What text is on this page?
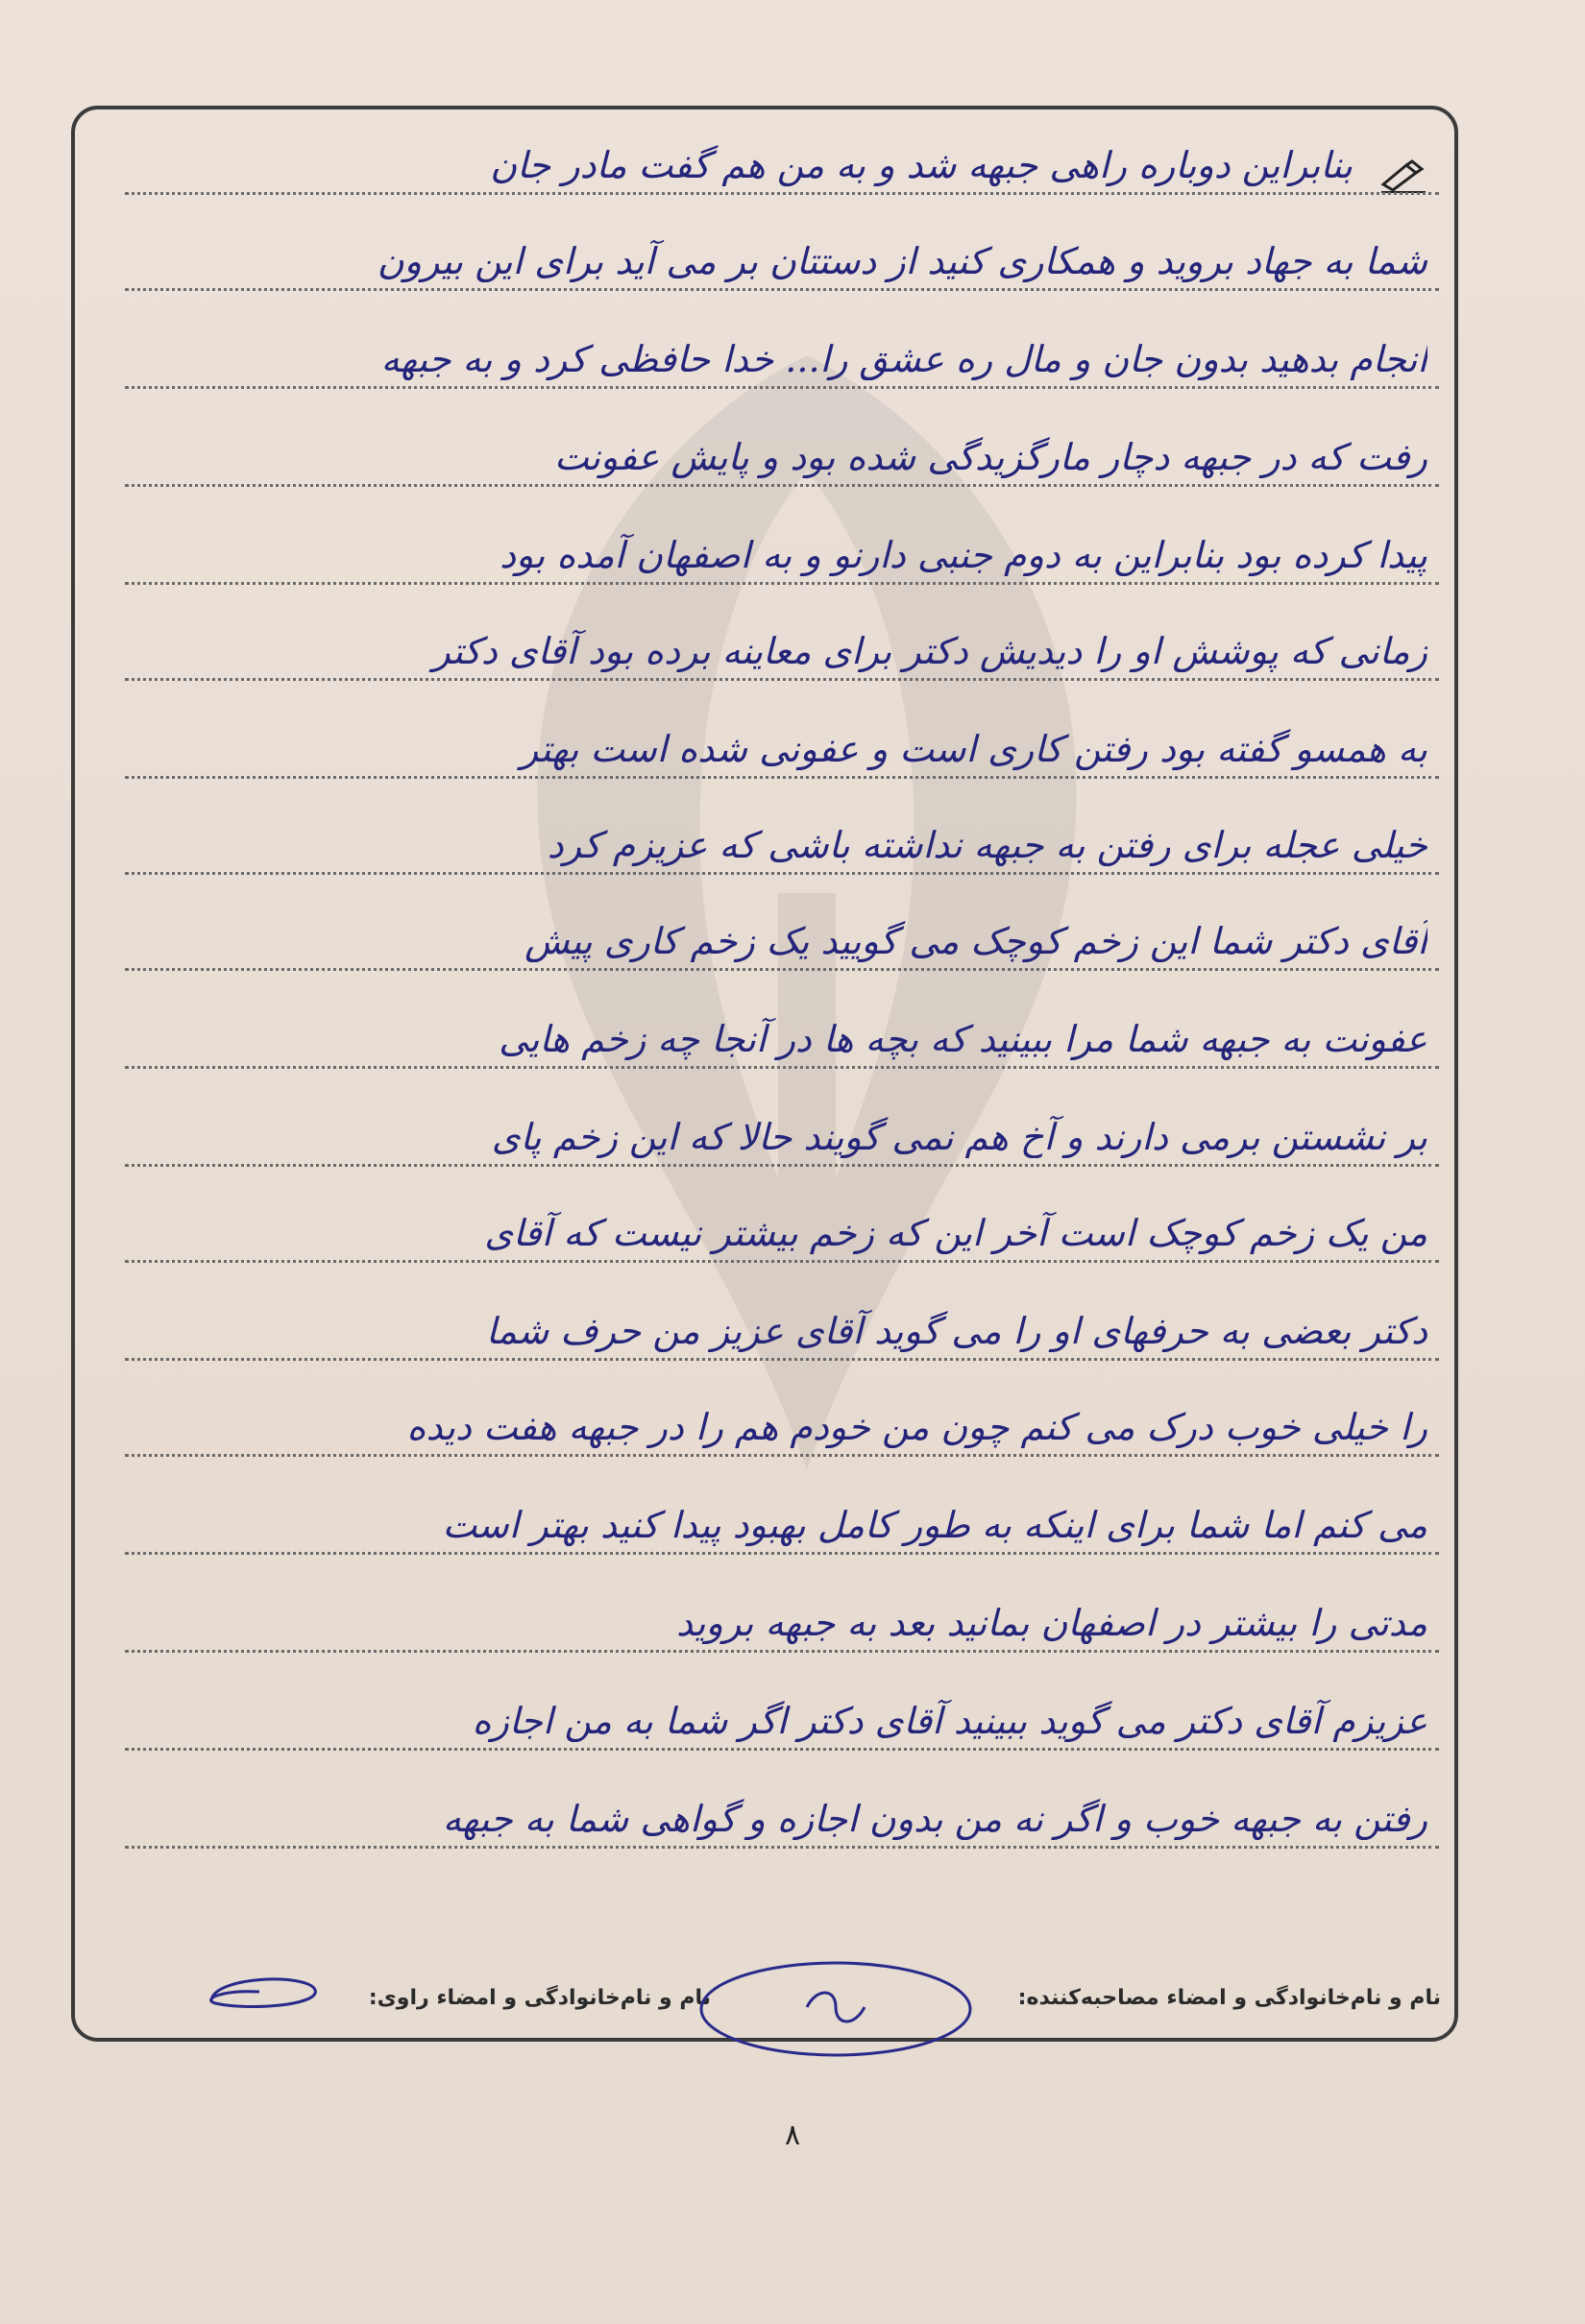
بنابراین دوباره راهی جبهه شد و به من هم گفت مادر جان
شما به جهاد بروید و همکاری کنید از دستتان بر می آید برای این بیرون
انجام بدهید بدون جان و مال ره عشق را... خدا حافظی کرد و به جبهه
رفت که در جبهه دچار مارگزیدگی شده بود و پایش عفونت
پیدا کرده بود بنابراین به دوم جنبی دارنو و به اصفهان آمده بود
زمانی که پوشش او را دیدیش دکتر برای معاینه برده بود آقای دکتر
به همسو گفته بود رفتن کاری است و عفونی شده است بهتر
خیلی عجله برای رفتن به جبهه نداشته باشی که عزیزم کرد
آقای دکتر شما این زخم کوچک می گویید یک زخم کاری پیش
عفونت به جبهه شما مرا ببینید که بچه ها در آنجا چه زخم هایی
بر نشستن برمی دارند و آخ هم نمی گویند حالا که این زخم پای
من یک زخم کوچک است آخر این که زخم بیشتر نیست که آقای
دکتر بعضی به حرفهای او را می گوید آقای عزیز من حرف شما
را خیلی خوب درک می کنم چون من خودم هم را در جبهه هفت دیده
می کنم اما شما برای اینکه به طور کامل بهبود پیدا کنید بهتر است
مدتی را بیشتر در اصفهان بمانید بعد به جبهه بروید
عزیزم آقای دکتر می گوید ببینید آقای دکتر اگر شما به من اجازه
رفتن به جبهه خوب و اگر نه من بدون اجازه و گواهی شما به جبهه
نام و نام‌خانوادگی و امضاء مصاحبه‌کننده:
نام و نام‌خانوادگی و امضاء راوی:
۸
